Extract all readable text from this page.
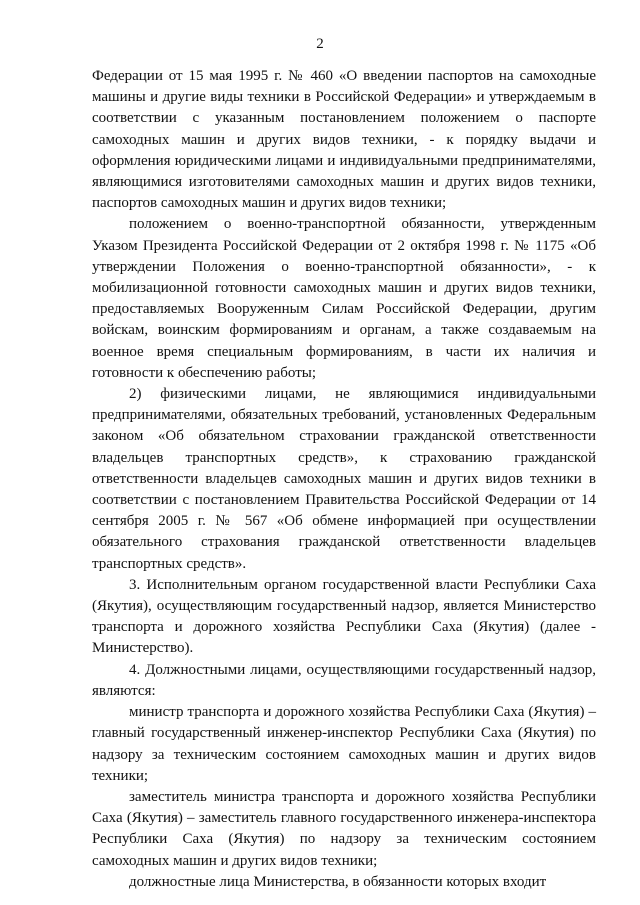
2

Федерации от 15 мая 1995 г. № 460 «О введении паспортов на самоходные машины и другие виды техники в Российской Федерации» и утверждаемым в соответствии с указанным постановлением положением о паспорте самоходных машин и других видов техники, - к порядку выдачи и оформления юридическими лицами и индивидуальными предпринимателями, являющимися изготовителями самоходных машин и других видов техники, паспортов самоходных машин и других видов техники;

положением о военно-транспортной обязанности, утвержденным Указом Президента Российской Федерации от 2 октября 1998 г. № 1175 «Об утверждении Положения о военно-транспортной обязанности», - к мобилизационной готовности самоходных машин и других видов техники, предоставляемых Вооруженным Силам Российской Федерации, другим войскам, воинским формированиям и органам, а также создаваемым на военное время специальным формированиям, в части их наличия и готовности к обеспечению работы;

2) физическими лицами, не являющимися индивидуальными предпринимателями, обязательных требований, установленных Федеральным законом «Об обязательном страховании гражданской ответственности владельцев транспортных средств», к страхованию гражданской ответственности владельцев самоходных машин и других видов техники в соответствии с постановлением Правительства Российской Федерации от 14 сентября 2005 г. № 567 «Об обмене информацией при осуществлении обязательного страхования гражданской ответственности владельцев транспортных средств».

3. Исполнительным органом государственной власти Республики Саха (Якутия), осуществляющим государственный надзор, является Министерство транспорта и дорожного хозяйства Республики Саха (Якутия) (далее - Министерство).

4. Должностными лицами, осуществляющими государственный надзор, являются:

министр транспорта и дорожного хозяйства Республики Саха (Якутия) – главный государственный инженер-инспектор Республики Саха (Якутия) по надзору за техническим состоянием самоходных машин и других видов техники;

заместитель министра транспорта и дорожного хозяйства Республики Саха (Якутия) – заместитель главного государственного инженера-инспектора Республики Саха (Якутия) по надзору за техническим состоянием самоходных машин и других видов техники;

должностные лица Министерства, в обязанности которых входит
